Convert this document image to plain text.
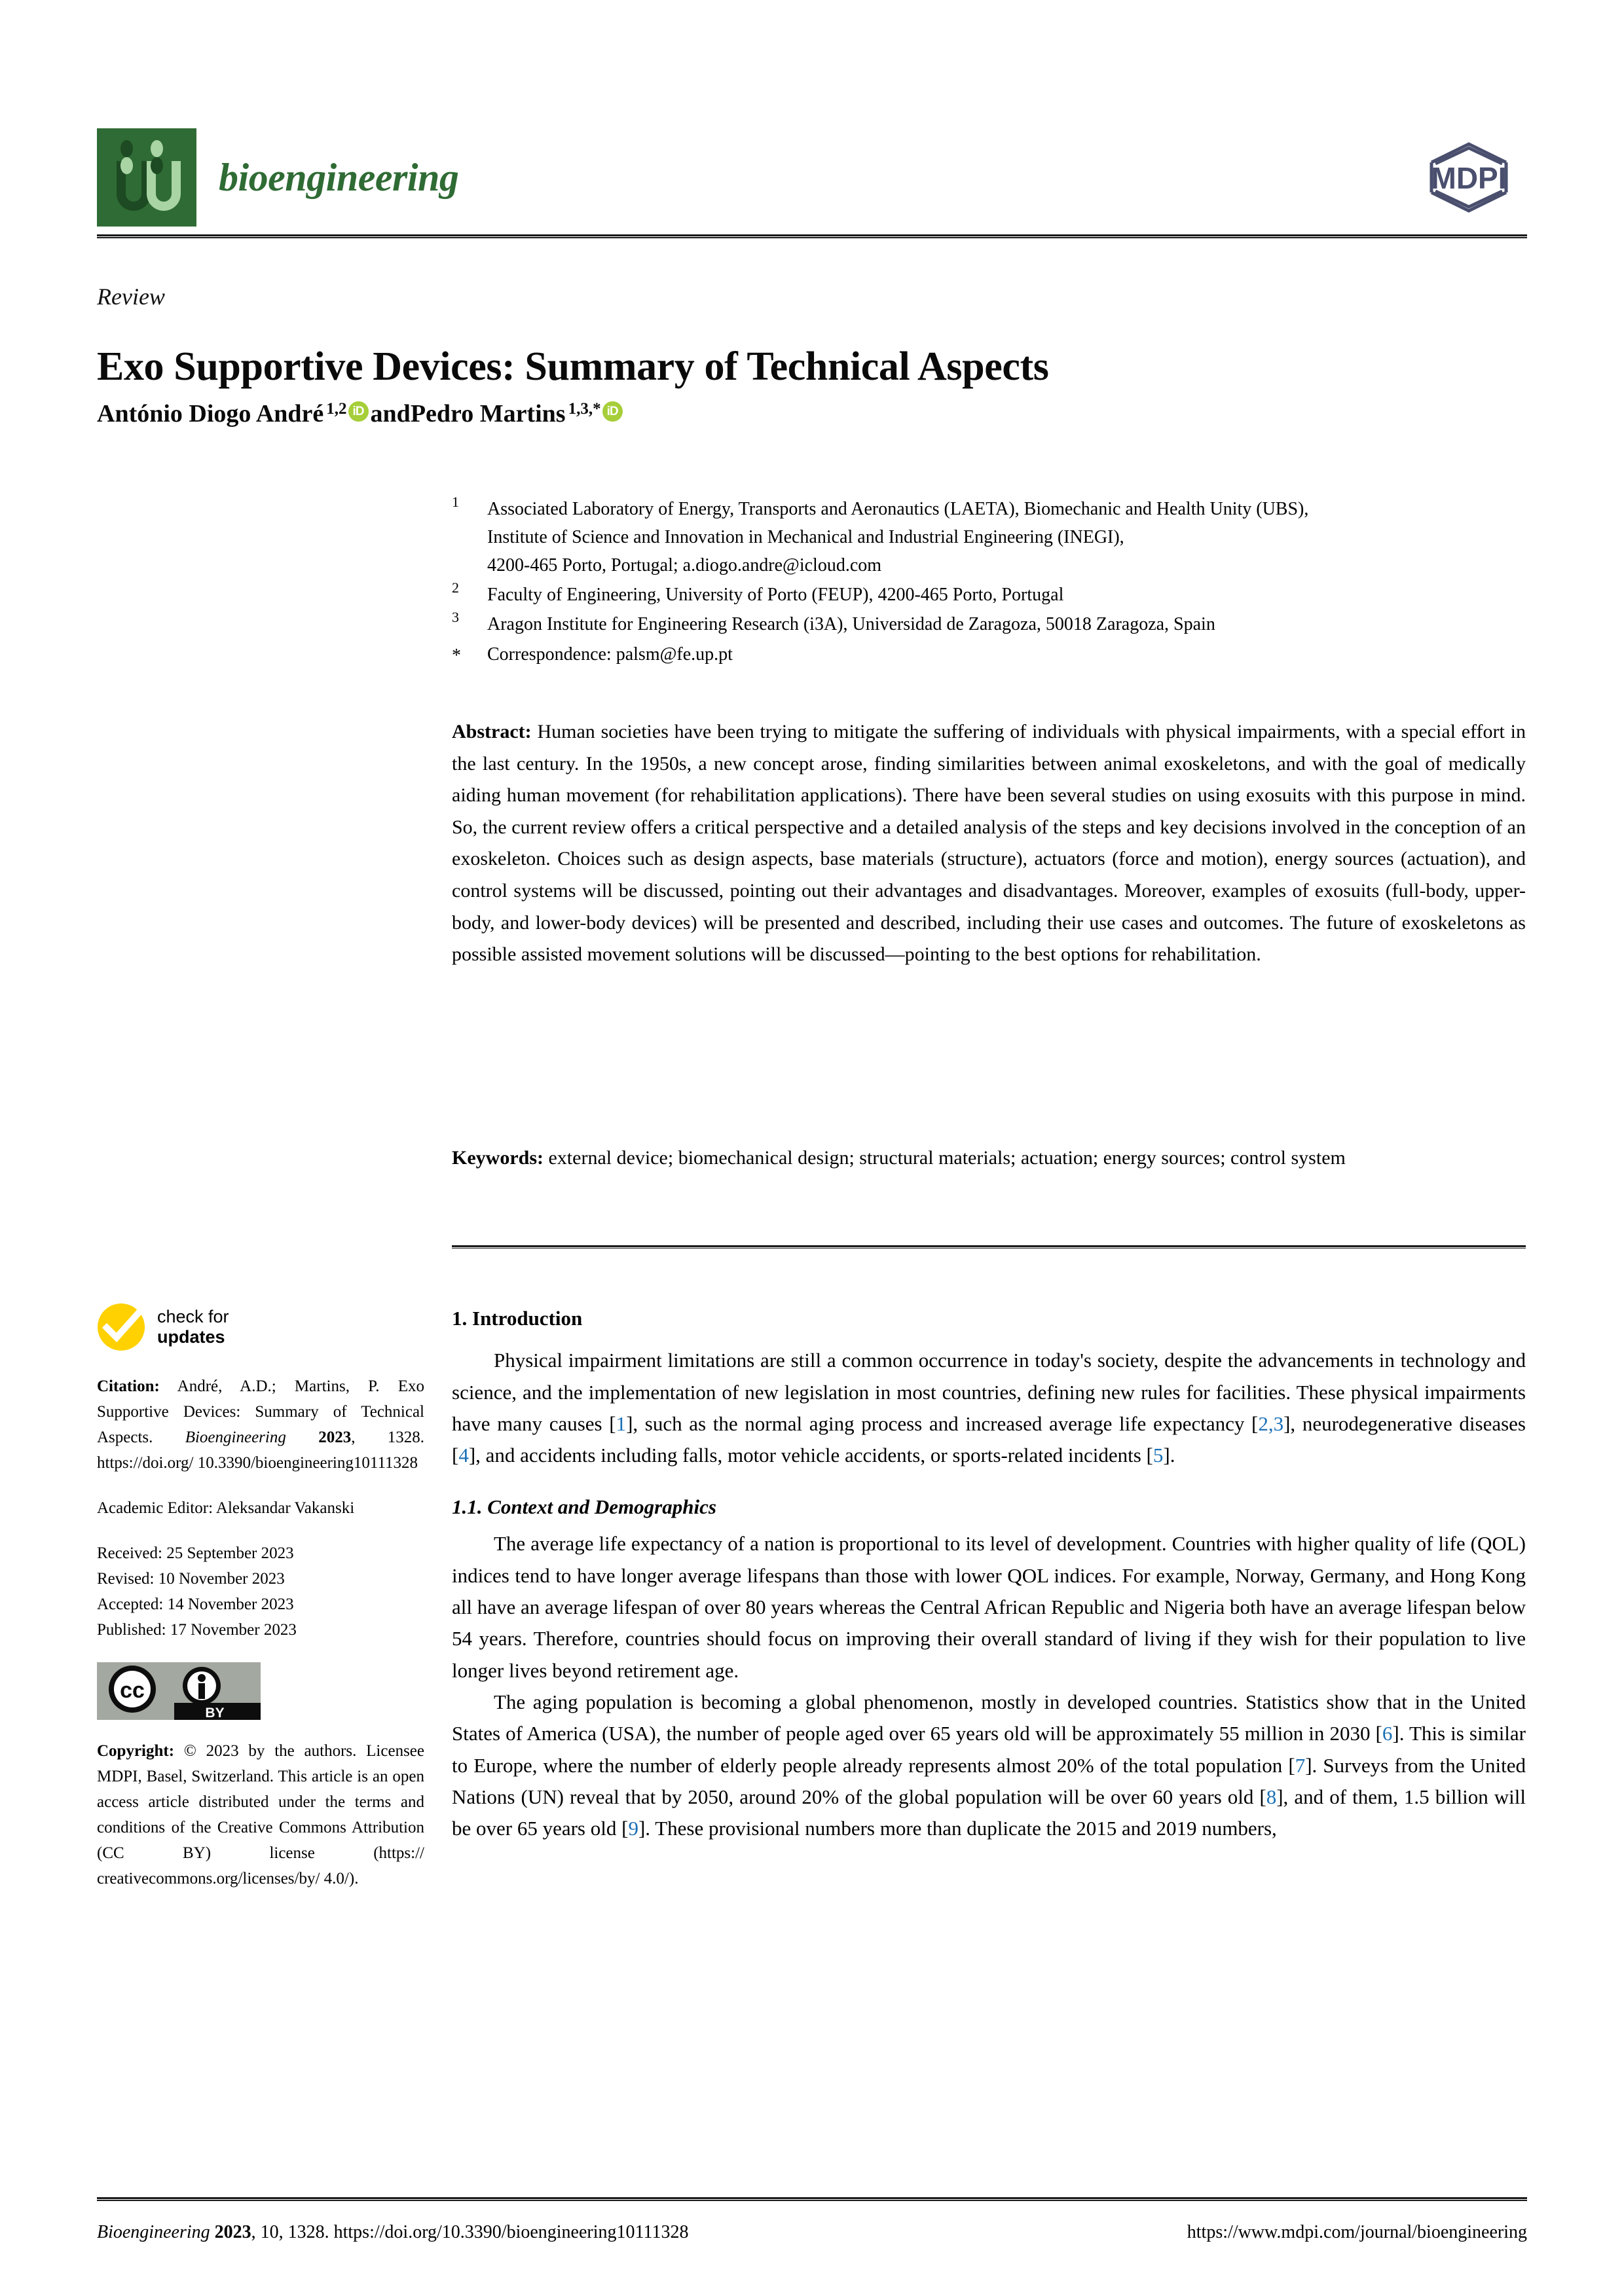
bioengineering	MDPI
Review
Exo Supportive Devices: Summary of Technical Aspects
António Diogo André 1,2 iD and Pedro Martins 1,3,* iD
1	Associated Laboratory of Energy, Transports and Aeronautics (LAETA), Biomechanic and Health Unity (UBS),
Institute of Science and Innovation in Mechanical and Industrial Engineering (INEGI),
4200-465 Porto, Portugal; a.diogo.andre@icloud.com
2	Faculty of Engineering, University of Porto (FEUP), 4200-465 Porto, Portugal
3	Aragon Institute for Engineering Research (i3A), Universidad de Zaragoza, 50018 Zaragoza, Spain
*	Correspondence: palsm@fe.up.pt
Abstract: Human societies have been trying to mitigate the suffering of individuals with physical impairments, with a special effort in the last century. In the 1950s, a new concept arose, finding similarities between animal exoskeletons, and with the goal of medically aiding human movement (for rehabilitation applications). There have been several studies on using exosuits with this purpose in mind. So, the current review offers a critical perspective and a detailed analysis of the steps and key decisions involved in the conception of an exoskeleton. Choices such as design aspects, base materials (structure), actuators (force and motion), energy sources (actuation), and control systems will be discussed, pointing out their advantages and disadvantages. Moreover, examples of exosuits (full-body, upper-body, and lower-body devices) will be presented and described, including their use cases and outcomes. The future of exoskeletons as possible assisted movement solutions will be discussed—pointing to the best options for rehabilitation.
Keywords: external device; biomechanical design; structural materials; actuation; energy sources; control system
check for
updates
Citation: André, A.D.; Martins, P. Exo Supportive Devices: Summary of Technical Aspects. Bioengineering 2023, 1328. https://doi.org/ 10.3390/bioengineering10111328
Academic Editor: Aleksandar Vakanski
Received: 25 September 2023
Revised: 10 November 2023
Accepted: 14 November 2023
Published: 17 November 2023
cc
BY
Copyright: © 2023 by the authors. Licensee MDPI, Basel, Switzerland. This article is an open access article distributed under the terms and conditions of the Creative Commons Attribution (CC BY) license (https:// creativecommons.org/licenses/by/ 4.0/).
1. Introduction

Physical impairment limitations are still a common occurrence in today's society, despite the advancements in technology and science, and the implementation of new legislation in most countries, defining new rules for facilities. These physical impairments have many causes [1], such as the normal aging process and increased average life expectancy [2,3], neurodegenerative diseases [4], and accidents including falls, motor vehicle accidents, or sports-related incidents [5].

1.1. Context and Demographics

The average life expectancy of a nation is proportional to its level of development. Countries with higher quality of life (QOL) indices tend to have longer average lifespans than those with lower QOL indices. For example, Norway, Germany, and Hong Kong all have an average lifespan of over 80 years whereas the Central African Republic and Nigeria both have an average lifespan below 54 years. Therefore, countries should focus on improving their overall standard of living if they wish for their population to live longer lives beyond retirement age.

The aging population is becoming a global phenomenon, mostly in developed countries. Statistics show that in the United States of America (USA), the number of people aged over 65 years old will be approximately 55 million in 2030 [6]. This is similar to Europe, where the number of elderly people already represents almost 20% of the total population [7]. Surveys from the United Nations (UN) reveal that by 2050, around 20% of the global population will be over 60 years old [8], and of them, 1.5 billion will be over 65 years old [9]. These provisional numbers more than duplicate the 2015 and 2019 numbers,

Bioengineering 2023, 10, 1328. https://doi.org/10.3390/bioengineering10111328	https://www.mdpi.com/journal/bioengineering
